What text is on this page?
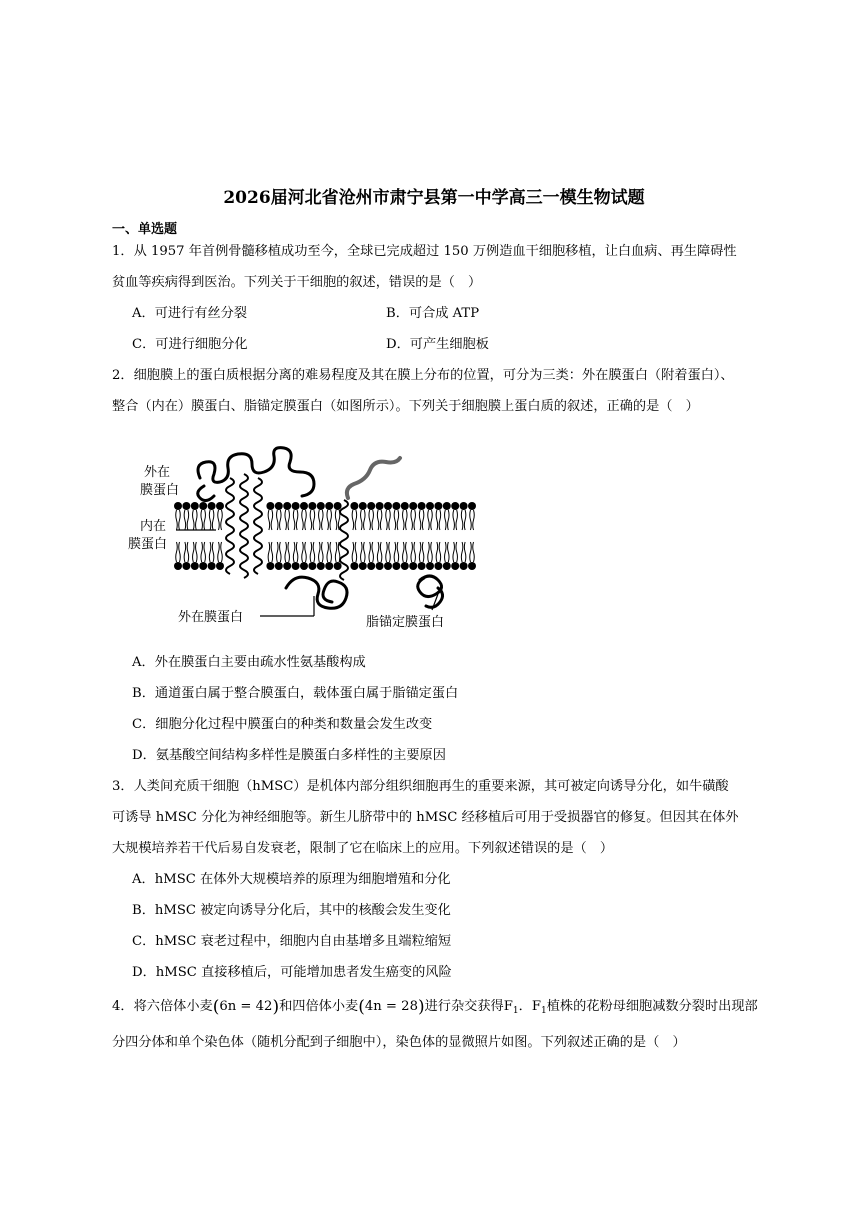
2026届河北省沧州市肃宁县第一中学高三一模生物试题
一、单选题
1．从 1957 年首例骨髓移植成功至今，全球已完成超过 150 万例造血干细胞移植，让白血病、再生障碍性
贫血等疾病得到医治。下列关于干细胞的叙述，错误的是（　）
A．可进行有丝分裂	B．可合成 ATP
C．可进行细胞分化	D．可产生细胞板
2．细胞膜上的蛋白质根据分离的难易程度及其在膜上分布的位置，可分为三类：外在膜蛋白（附着蛋白）、
整合（内在）膜蛋白、脂锚定膜蛋白（如图所示）。下列关于细胞膜上蛋白质的叙述，正确的是（　）
外在
膜蛋白
内在
膜蛋白
外在膜蛋白	脂锚定膜蛋白
A．外在膜蛋白主要由疏水性氨基酸构成
B．通道蛋白属于整合膜蛋白，载体蛋白属于脂锚定蛋白
C．细胞分化过程中膜蛋白的种类和数量会发生改变
D．氨基酸空间结构多样性是膜蛋白多样性的主要原因
3．人类间充质干细胞（hMSC）是机体内部分组织细胞再生的重要来源，其可被定向诱导分化，如牛磺酸
可诱导 hMSC 分化为神经细胞等。新生儿脐带中的 hMSC 经移植后可用于受损器官的修复。但因其在体外
大规模培养若干代后易自发衰老，限制了它在临床上的应用。下列叙述错误的是（　）
A．hMSC 在体外大规模培养的原理为细胞增殖和分化
B．hMSC 被定向诱导分化后，其中的核酸会发生变化
C．hMSC 衰老过程中，细胞内自由基增多且端粒缩短
D．hMSC 直接移植后，可能增加患者发生癌变的风险
4．将六倍体小麦(6n = 42)和四倍体小麦(4n = 28)进行杂交获得$F_1$．$F_1$植株的花粉母细胞减数分裂时出现部
分四分体和单个染色体（随机分配到子细胞中），染色体的显微照片如图。下列叙述正确的是（　）
